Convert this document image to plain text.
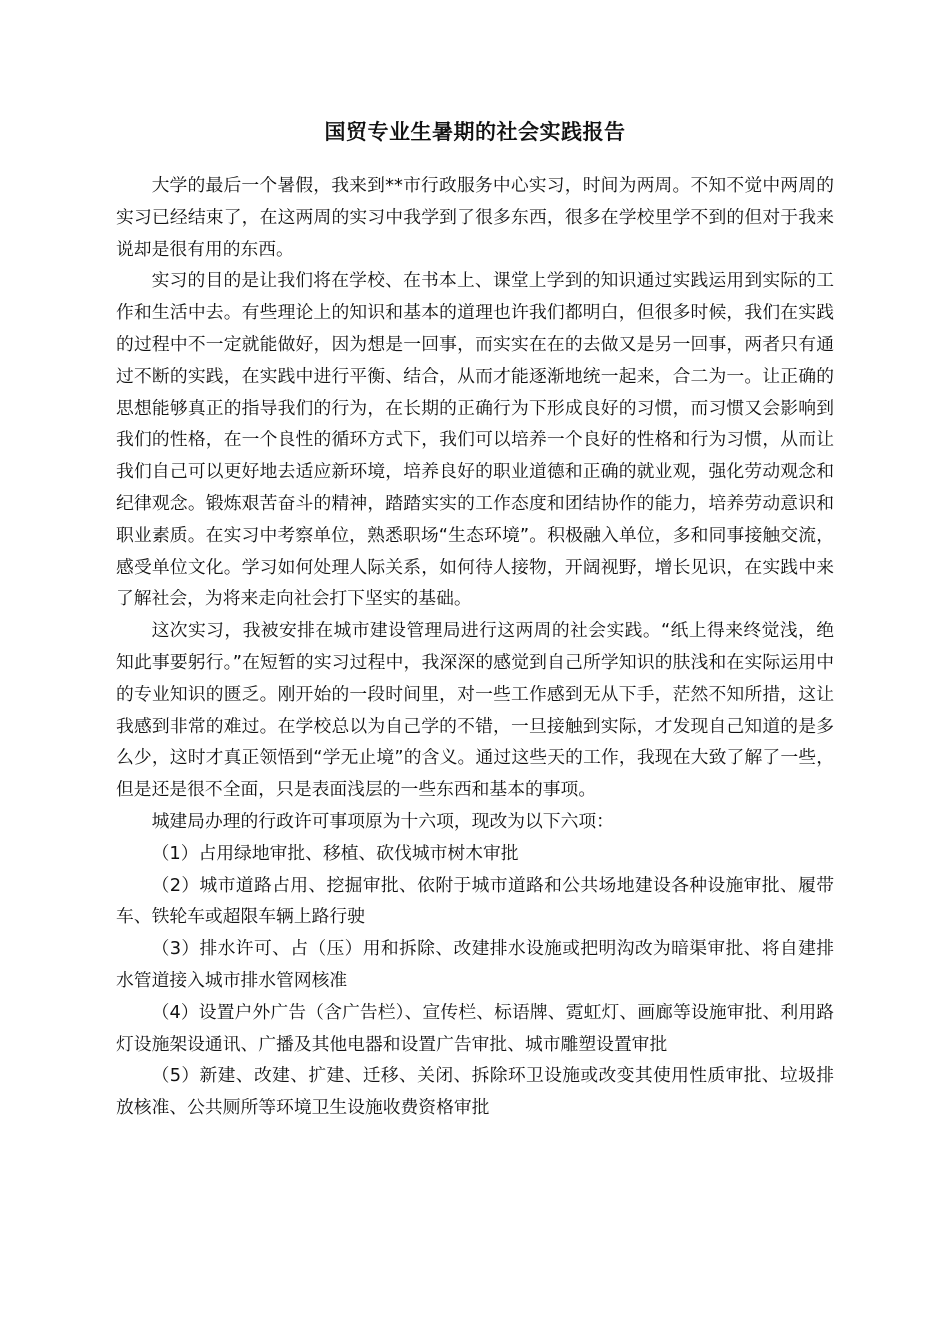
国贸专业生暑期的社会实践报告

大学的最后一个暑假，我来到**市行政服务中心实习，时间为两周。不知不觉中两周的实习已经结束了，在这两周的实习中我学到了很多东西，很多在学校里学不到的但对于我来说却是很有用的东西。

实习的目的是让我们将在学校、在书本上、课堂上学到的知识通过实践运用到实际的工作和生活中去。有些理论上的知识和基本的道理也许我们都明白，但很多时候，我们在实践的过程中不一定就能做好，因为想是一回事，而实实在在的去做又是另一回事，两者只有通过不断的实践，在实践中进行平衡、结合，从而才能逐渐地统一起来，合二为一。让正确的思想能够真正的指导我们的行为，在长期的正确行为下形成良好的习惯，而习惯又会影响到我们的性格，在一个良性的循环方式下，我们可以培养一个良好的性格和行为习惯，从而让我们自己可以更好地去适应新环境，培养良好的职业道德和正确的就业观，强化劳动观念和纪律观念。锻炼艰苦奋斗的精神，踏踏实实的工作态度和团结协作的能力，培养劳动意识和职业素质。在实习中考察单位，熟悉职场“生态环境”。积极融入单位，多和同事接触交流，感受单位文化。学习如何处理人际关系，如何待人接物，开阔视野，增长见识，在实践中来了解社会，为将来走向社会打下坚实的基础。

这次实习，我被安排在城市建设管理局进行这两周的社会实践。“纸上得来终觉浅，绝知此事要躬行。”在短暂的实习过程中，我深深的感觉到自己所学知识的肤浅和在实际运用中的专业知识的匮乏。刚开始的一段时间里，对一些工作感到无从下手，茫然不知所措，这让我感到非常的难过。在学校总以为自己学的不错，一旦接触到实际，才发现自己知道的是多么少，这时才真正领悟到“学无止境”的含义。通过这些天的工作，我现在大致了解了一些，但是还是很不全面，只是表面浅层的一些东西和基本的事项。

城建局办理的行政许可事项原为十六项，现改为以下六项：

（1）占用绿地审批、移植、砍伐城市树木审批

（2）城市道路占用、挖掘审批、依附于城市道路和公共场地建设各种设施审批、履带车、铁轮车或超限车辆上路行驶

（3）排水许可、占（压）用和拆除、改建排水设施或把明沟改为暗渠审批、将自建排水管道接入城市排水管网核准

（4）设置户外广告（含广告栏）、宣传栏、标语牌、霓虹灯、画廊等设施审批、利用路灯设施架设通讯、广播及其他电器和设置广告审批、城市雕塑设置审批

（5）新建、改建、扩建、迁移、关闭、拆除环卫设施或改变其使用性质审批、垃圾排放核准、公共厕所等环境卫生设施收费资格审批
